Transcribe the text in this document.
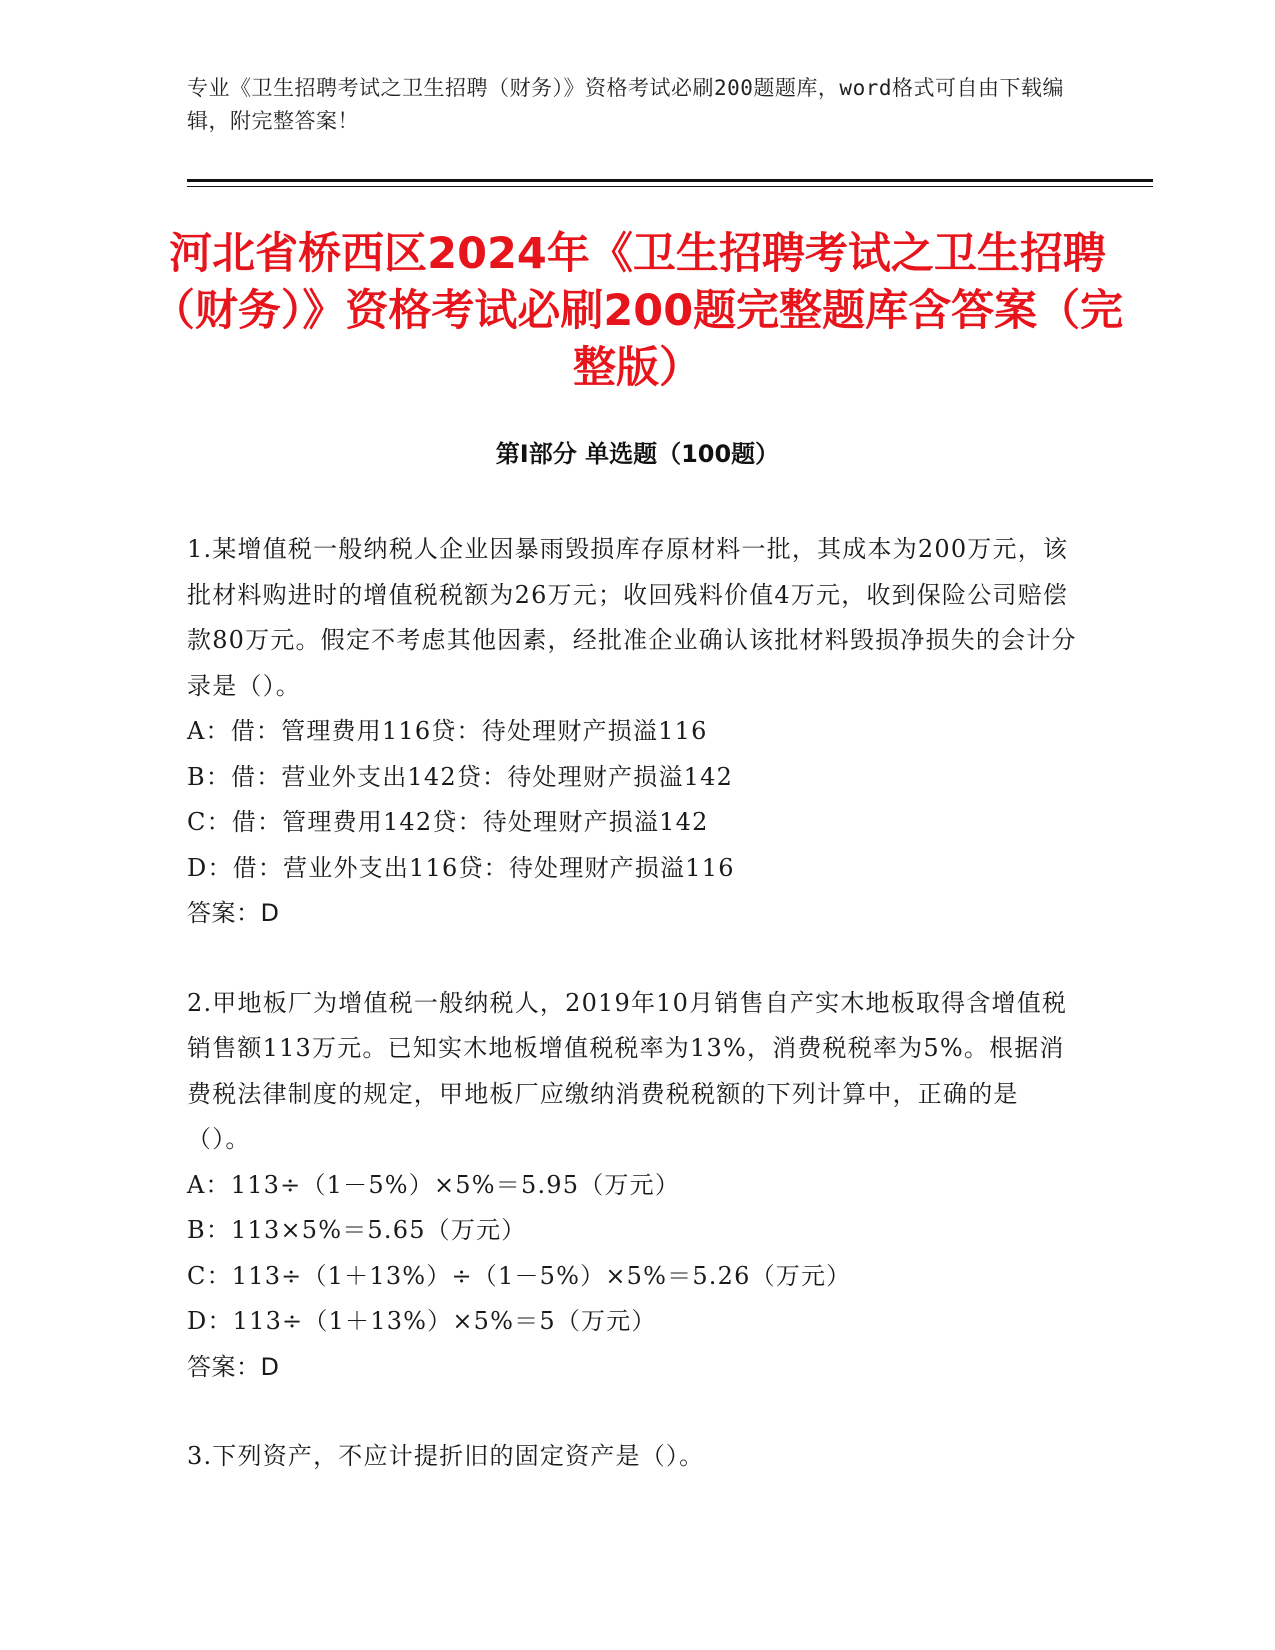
专业《卫生招聘考试之卫生招聘（财务）》资格考试必刷200题题库，word格式可自由下载编辑，附完整答案！
河北省桥西区2024年《卫生招聘考试之卫生招聘（财务）》资格考试必刷200题完整题库含答案（完整版）
第Ⅰ部分 单选题（100题）
1.某增值税一般纳税人企业因暴雨毁损库存原材料一批，其成本为200万元，该批材料购进时的增值税税额为26万元；收回残料价值4万元，收到保险公司赔偿款80万元。假定不考虑其他因素，经批准企业确认该批材料毁损净损失的会计分录是（）。
A：借：管理费用116贷：待处理财产损溢116
B：借：营业外支出142贷：待处理财产损溢142
C：借：管理费用142贷：待处理财产损溢142
D：借：营业外支出116贷：待处理财产损溢116
答案：D
2.甲地板厂为增值税一般纳税人，2019年10月销售自产实木地板取得含增值税销售额113万元。已知实木地板增值税税率为13%，消费税税率为5%。根据消费税法律制度的规定，甲地板厂应缴纳消费税税额的下列计算中，正确的是（）。
A：113÷（1－5%）×5%＝5.95（万元）
B：113×5%＝5.65（万元）
C：113÷（1＋13%）÷（1－5%）×5%＝5.26（万元）
D：113÷（1＋13%）×5%＝5（万元）
答案：D
3.下列资产，不应计提折旧的固定资产是（）。
